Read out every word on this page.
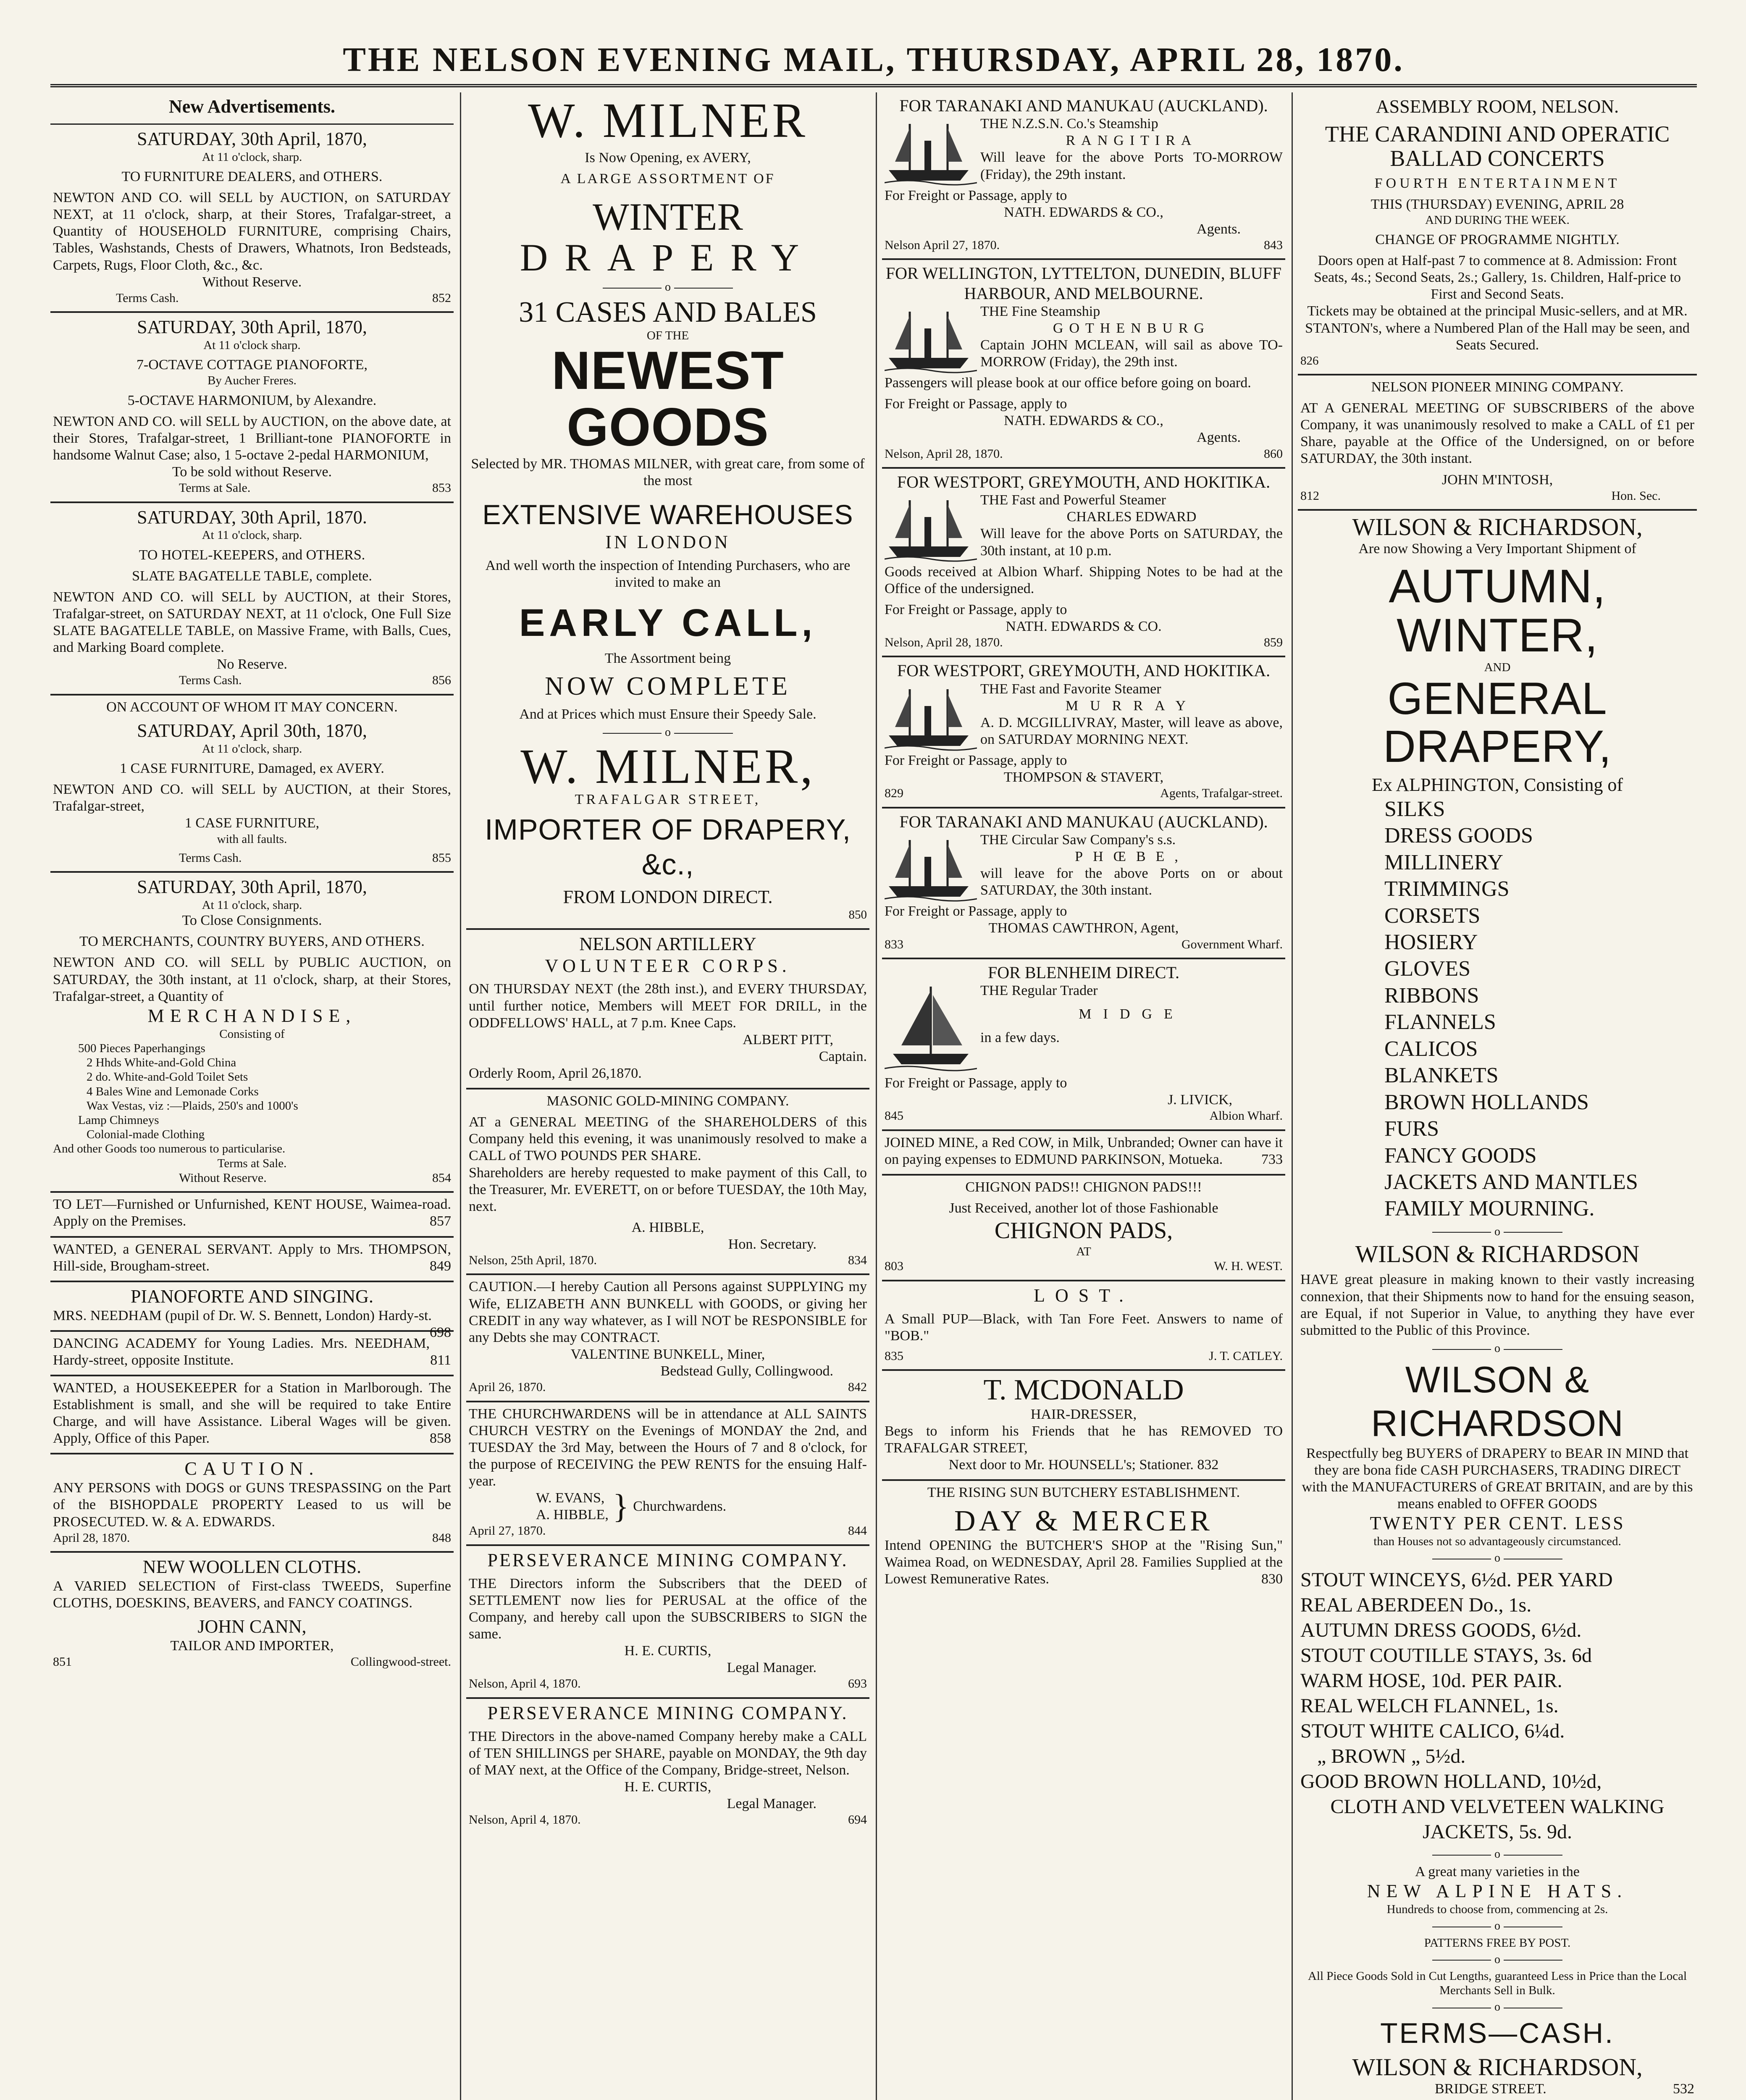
THE NELSON EVENING MAIL, THURSDAY, APRIL 28, 1870.
New Advertisements.
SATURDAY, 30th April, 1870,
At 11 o'clock, sharp.
TO FURNITURE DEALERS, and OTHERS.
NEWTON AND CO. will SELL by AUCTION, on SATURDAY NEXT, at 11 o'clock, sharp, at their Stores, Trafalgar-street, a Quantity of HOUSEHOLD FURNITURE, comprising Chairs, Tables, Washstands, Chests of Drawers, Whatnots, Iron Bedsteads, Carpets, Rugs, Floor Cloth, &c., &c.
Without Reserve.
Terms Cash.	852
SATURDAY, 30th April, 1870,
At 11 o'clock sharp.
7-OCTAVE COTTAGE PIANOFORTE,
By Aucher Freres.
5-OCTAVE HARMONIUM, by Alexandre.
NEWTON AND CO. will SELL by AUCTION, on the above date, at their Stores, Trafalgar-street, 1 Brilliant-tone PIANOFORTE in handsome Walnut Case; also, 1 5-octave 2-pedal HARMONIUM,
To be sold without Reserve.
Terms at Sale.	853
SATURDAY, 30th April, 1870.
At 11 o'clock, sharp.
TO HOTEL-KEEPERS, and OTHERS.
SLATE BAGATELLE TABLE, complete.
NEWTON AND CO. will SELL by AUCTION, at their Stores, Trafalgar-street, on SATURDAY NEXT, at 11 o'clock, One Full Size SLATE BAGATELLE TABLE, on Massive Frame, with Balls, Cues, and Marking Board complete.
No Reserve.
Terms Cash.	856
ON ACCOUNT OF WHOM IT MAY CONCERN.
SATURDAY, April 30th, 1870,
At 11 o'clock, sharp.
1 CASE FURNITURE, Damaged, ex AVERY.
NEWTON AND CO. will SELL by AUCTION, at their Stores, Trafalgar-street,
1 CASE FURNITURE,
with all faults.
Terms Cash.	855
SATURDAY, 30th April, 1870,
At 11 o'clock, sharp.
To Close Consignments.
TO MERCHANTS, COUNTRY BUYERS, AND OTHERS.
NEWTON AND CO. will SELL by PUBLIC AUCTION, on SATURDAY, the 30th instant, at 11 o'clock, sharp, at their Stores, Trafalgar-street, a Quantity of
MERCHANDISE,
Consisting of
500 Pieces Paperhangings
2 Hhds White-and-Gold China
2 do. White-and-Gold Toilet Sets
4 Bales Wine and Lemonade Corks
Wax Vestas, viz :—Plaids, 250's and 1000's
Lamp Chimneys
Colonial-made Clothing
And other Goods too numerous to particularise.
Terms at Sale.
Without Reserve.	854
TO LET—Furnished or Unfurnished, KENT HOUSE, Waimea-road. Apply on the Premises.	857
WANTED, a GENERAL SERVANT. Apply to Mrs. THOMPSON, Hill-side, Brougham-street.	849
PIANOFORTE AND SINGING.
MRS. NEEDHAM (pupil of Dr. W. S. Bennett, London) Hardy-st.
698
DANCING ACADEMY for Young Ladies. Mrs. NEEDHAM, Hardy-street, opposite Institute.	811
WANTED, a HOUSEKEEPER for a Station in Marlborough. The Establishment is small, and she will be required to take Entire Charge, and will have Assistance. Liberal Wages will be given. Apply, Office of this Paper.	858
CAUTION.
ANY PERSONS with DOGS or GUNS TRESPASSING on the Part of the BISHOPDALE PROPERTY Leased to us will be PROSECUTED. W. & A. EDWARDS.
April 28, 1870.	848
NEW WOOLLEN CLOTHS.
A VARIED SELECTION of First-class TWEEDS, Superfine CLOTHS, DOESKINS, BEAVERS, and FANCY COATINGS.
JOHN CANN,
TAILOR AND IMPORTER,
851	Collingwood-street.
W. MILNER
Is Now Opening, ex AVERY,
A LARGE ASSORTMENT OF
WINTER
DRAPERY
o
31 CASES AND BALES
OF THE
NEWEST GOODS
Selected by MR. THOMAS MILNER, with great care, from some of the most
EXTENSIVE WAREHOUSES
IN LONDON
And well worth the inspection of Intending Purchasers, who are invited to make an
EARLY CALL,
The Assortment being
NOW COMPLETE
And at Prices which must Ensure their Speedy Sale.
o
W. MILNER,
TRAFALGAR STREET,
IMPORTER OF DRAPERY, &c.,
FROM LONDON DIRECT.
850
NELSON ARTILLERY
VOLUNTEER CORPS.
ON THURSDAY NEXT (the 28th inst.), and EVERY THURSDAY, until further notice, Members will MEET FOR DRILL, in the ODDFELLOWS' HALL, at 7 p.m. Knee Caps.
ALBERT PITT,
Captain.
Orderly Room, April 26,1870.
MASONIC GOLD-MINING COMPANY.
AT a GENERAL MEETING of the SHAREHOLDERS of this Company held this evening, it was unanimously resolved to make a CALL of TWO POUNDS PER SHARE.
Shareholders are hereby requested to make payment of this Call, to the Treasurer, Mr. EVERETT, on or before TUESDAY, the 10th May, next.
A. HIBBLE,
Hon. Secretary.
Nelson, 25th April, 1870.	834
CAUTION.—I hereby Caution all Persons against SUPPLYING my Wife, ELIZABETH ANN BUNKELL with GOODS, or giving her CREDIT in any way whatever, as I will NOT be RESPONSIBLE for any Debts she may CONTRACT.
VALENTINE BUNKELL, Miner,
Bedstead Gully, Collingwood.
April 26, 1870.	842
THE CHURCHWARDENS will be in attendance at ALL SAINTS CHURCH VESTRY on the Evenings of MONDAY the 2nd, and TUESDAY the 3rd May, between the Hours of 7 and 8 o'clock, for the purpose of RECEIVING the PEW RENTS for the ensuing Half-year.
W. EVANS,
A. HIBBLE, } Churchwardens.
April 27, 1870.	844
PERSEVERANCE MINING COMPANY.
THE Directors inform the Subscribers that the DEED of SETTLEMENT now lies for PERUSAL at the office of the Company, and hereby call upon the SUBSCRIBERS to SIGN the same.
H. E. CURTIS,
Legal Manager.
Nelson, April 4, 1870.	693
PERSEVERANCE MINING COMPANY.
THE Directors in the above-named Company hereby make a CALL of TEN SHILLINGS per SHARE, payable on MONDAY, the 9th day of MAY next, at the Office of the Company, Bridge-street, Nelson.
H. E. CURTIS,
Legal Manager.
Nelson, April 4, 1870.	694
FOR TARANAKI AND MANUKAU (AUCKLAND).
THE N.Z.S.N. Co.'s Steamship
RANGITIRA
Will leave for the above Ports TO-MORROW (Friday), the 29th instant.
For Freight or Passage, apply to
NATH. EDWARDS & CO.,
Agents.
Nelson April 27, 1870.	843
FOR WELLINGTON, LYTTELTON, DUNEDIN, BLUFF HARBOUR, AND MELBOURNE.
THE Fine Steamship
GOTHENBURG
Captain JOHN MCLEAN, will sail as above TO-MORROW (Friday), the 29th inst.
Passengers will please book at our office before going on board.
For Freight or Passage, apply to
NATH. EDWARDS & CO.,
Agents.
Nelson, April 28, 1870.	860
FOR WESTPORT, GREYMOUTH, AND HOKITIKA.
THE Fast and Powerful Steamer
CHARLES EDWARD
Will leave for the above Ports on SATURDAY, the 30th instant, at 10 p.m.
Goods received at Albion Wharf. Shipping Notes to be had at the Office of the undersigned.
For Freight or Passage, apply to
NATH. EDWARDS & CO.
Nelson, April 28, 1870.	859
FOR WESTPORT, GREYMOUTH, AND HOKITIKA.
THE Fast and Favorite Steamer
MURRAY
A. D. MCGILLIVRAY, Master, will leave as above, on SATURDAY MORNING NEXT.
For Freight or Passage, apply to
THOMPSON & STAVERT,
829	Agents, Trafalgar-street.
FOR TARANAKI AND MANUKAU (AUCKLAND).
THE Circular Saw Company's s.s.
PHŒBE,
will leave for the above Ports on or about SATURDAY, the 30th instant.
For Freight or Passage, apply to
THOMAS CAWTHRON, Agent,
833	Government Wharf.
FOR BLENHEIM DIRECT.
THE Regular Trader
MIDGE
in a few days.
For Freight or Passage, apply to
J. LIVICK,
845	Albion Wharf.
JOINED MINE, a Red COW, in Milk, Unbranded; Owner can have it on paying expenses to EDMUND PARKINSON, Motueka.	733
CHIGNON PADS!! CHIGNON PADS!!!
Just Received, another lot of those Fashionable
CHIGNON PADS,
AT
803	W. H. WEST.
LOST.
A Small PUP—Black, with Tan Fore Feet. Answers to name of "BOB."
835	J. T. CATLEY.
T. MCDONALD
HAIR-DRESSER,
Begs to inform his Friends that he has REMOVED TO TRAFALGAR STREET,
Next door to Mr. HOUNSELL's; Stationer. 832
THE RISING SUN BUTCHERY ESTABLISHMENT.
DAY & MERCER
Intend OPENING the BUTCHER'S SHOP at the "Rising Sun," Waimea Road, on WEDNESDAY, April 28. Families Supplied at the Lowest Remunerative Rates.	830
ASSEMBLY ROOM, NELSON.
THE CARANDINI AND OPERATIC BALLAD CONCERTS
FOURTH ENTERTAINMENT
THIS (THURSDAY) EVENING, APRIL 28
AND DURING THE WEEK.
CHANGE OF PROGRAMME NIGHTLY.
Doors open at Half-past 7 to commence at 8. Admission: Front Seats, 4s.; Second Seats, 2s.; Gallery, 1s. Children, Half-price to First and Second Seats.
Tickets may be obtained at the principal Music-sellers, and at MR. STANTON's, where a Numbered Plan of the Hall may be seen, and Seats Secured.
826
NELSON PIONEER MINING COMPANY.
AT A GENERAL MEETING OF SUBSCRIBERS of the above Company, it was unanimously resolved to make a CALL of £1 per Share, payable at the Office of the Undersigned, on or before SATURDAY, the 30th instant.
JOHN M'INTOSH,
812	Hon. Sec.
WILSON & RICHARDSON,
Are now Showing a Very Important Shipment of
AUTUMN, WINTER,
AND
GENERAL DRAPERY,
Ex ALPHINGTON, Consisting of
SILKS
DRESS GOODS
MILLINERY
TRIMMINGS
CORSETS
HOSIERY
GLOVES
RIBBONS
FLANNELS
CALICOS
BLANKETS
BROWN HOLLANDS
FURS
FANCY GOODS
JACKETS AND MANTLES
FAMILY MOURNING.
o
WILSON & RICHARDSON
HAVE great pleasure in making known to their vastly increasing connexion, that their Shipments now to hand for the ensuing season, are Equal, if not Superior in Value, to anything they have ever submitted to the Public of this Province.
o
WILSON & RICHARDSON
Respectfully beg BUYERS of DRAPERY to BEAR IN MIND that they are bona fide CASH PURCHASERS, TRADING DIRECT with the MANUFACTURERS of GREAT BRITAIN, and are by this means enabled to OFFER GOODS
TWENTY PER CENT. LESS
than Houses not so advantageously circumstanced.
o
STOUT WINCEYS, 6½d. PER YARD
REAL ABERDEEN Do., 1s.
AUTUMN DRESS GOODS, 6½d.
STOUT COUTILLE STAYS, 3s. 6d
WARM HOSE, 10d. PER PAIR.
REAL WELCH FLANNEL, 1s.
STOUT WHITE CALICO, 6¼d.
„ BROWN „ 5½d.
GOOD BROWN HOLLAND, 10½d,
CLOTH AND VELVETEEN WALKING JACKETS, 5s. 9d.
o
A great many varieties in the
NEW ALPINE HATS.
Hundreds to choose from, commencing at 2s.
o
PATTERNS FREE BY POST.
o
All Piece Goods Sold in Cut Lengths, guaranteed Less in Price than the Local Merchants Sell in Bulk.
o
TERMS—CASH.
WILSON & RICHARDSON,
BRIDGE STREET.	532
